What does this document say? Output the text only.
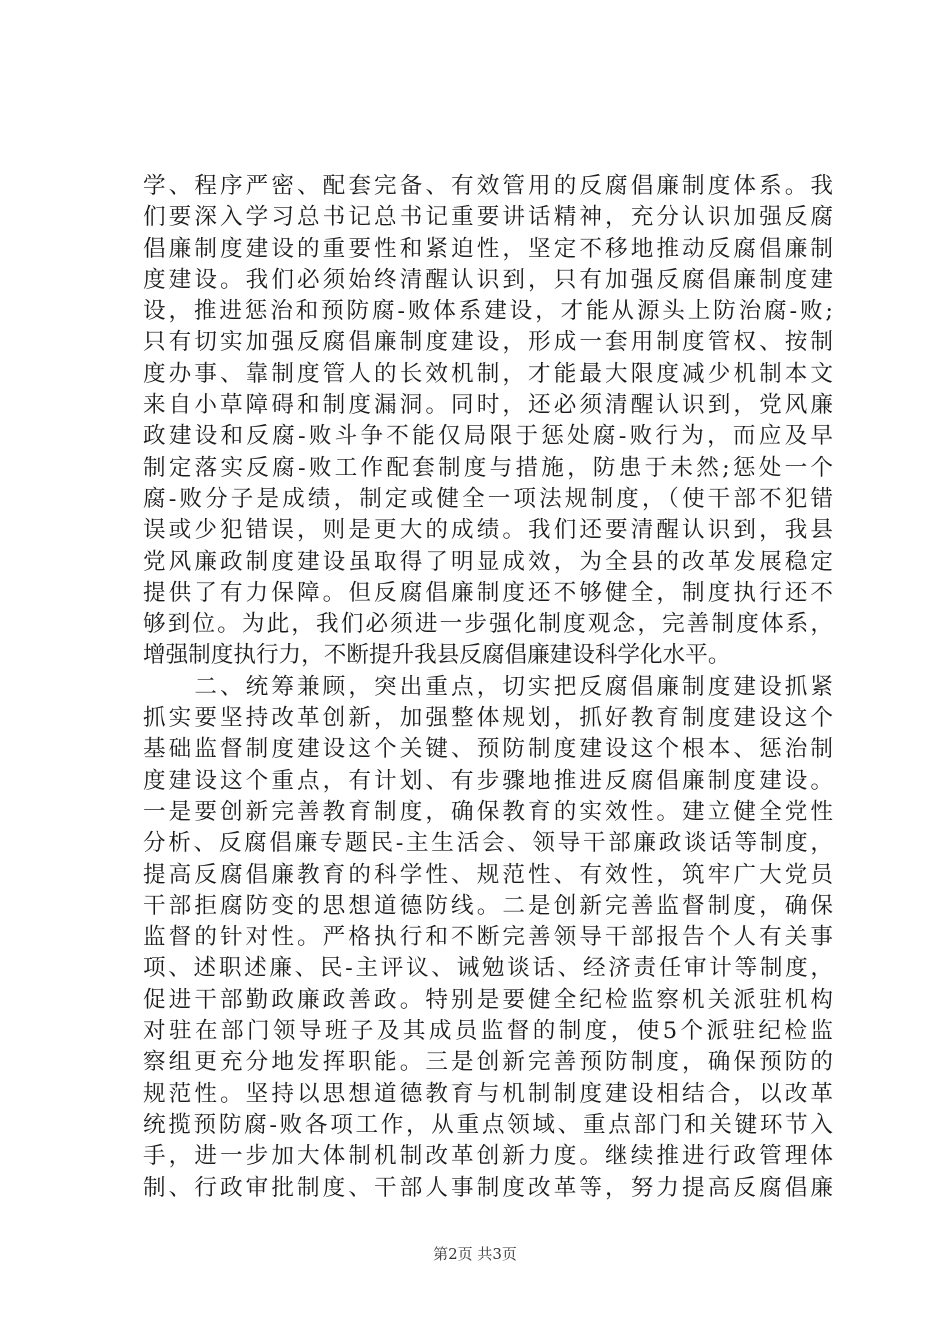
学、程序严密、配套完备、有效管用的反腐倡廉制度体系。我
们要深入学习总书记总书记重要讲话精神，充分认识加强反腐
倡廉制度建设的重要性和紧迫性，坚定不移地推动反腐倡廉制
度建设。我们必须始终清醒认识到，只有加强反腐倡廉制度建
设，推进惩治和预防腐-败体系建设，才能从源头上防治腐-败;
只有切实加强反腐倡廉制度建设，形成一套用制度管权、按制
度办事、靠制度管人的长效机制，才能最大限度减少机制本文
来自小草障碍和制度漏洞。同时，还必须清醒认识到，党风廉
政建设和反腐-败斗争不能仅局限于惩处腐-败行为，而应及早
制定落实反腐-败工作配套制度与措施，防患于未然;惩处一个
腐-败分子是成绩，制定或健全一项法规制度，（使干部不犯错
误或少犯错误，则是更大的成绩。我们还要清醒认识到，我县
党风廉政制度建设虽取得了明显成效，为全县的改革发展稳定
提供了有力保障。但反腐倡廉制度还不够健全，制度执行还不
够到位。为此，我们必须进一步强化制度观念，完善制度体系，
增强制度执行力，不断提升我县反腐倡廉建设科学化水平。
　　二、统筹兼顾，突出重点，切实把反腐倡廉制度建设抓紧
抓实要坚持改革创新，加强整体规划，抓好教育制度建设这个
基础监督制度建设这个关键、预防制度建设这个根本、惩治制
度建设这个重点，有计划、有步骤地推进反腐倡廉制度建设。
一是要创新完善教育制度，确保教育的实效性。建立健全党性
分析、反腐倡廉专题民-主生活会、领导干部廉政谈话等制度，
提高反腐倡廉教育的科学性、规范性、有效性，筑牢广大党员
干部拒腐防变的思想道德防线。二是创新完善监督制度，确保
监督的针对性。严格执行和不断完善领导干部报告个人有关事
项、述职述廉、民-主评议、诫勉谈话、经济责任审计等制度，
促进干部勤政廉政善政。特别是要健全纪检监察机关派驻机构
对驻在部门领导班子及其成员监督的制度，使5个派驻纪检监
察组更充分地发挥职能。三是创新完善预防制度，确保预防的
规范性。坚持以思想道德教育与机制制度建设相结合，以改革
统揽预防腐-败各项工作，从重点领域、重点部门和关键环节入
手，进一步加大体制机制改革创新力度。继续推进行政管理体
制、行政审批制度、干部人事制度改革等，努力提高反腐倡廉
第2页 共3页
